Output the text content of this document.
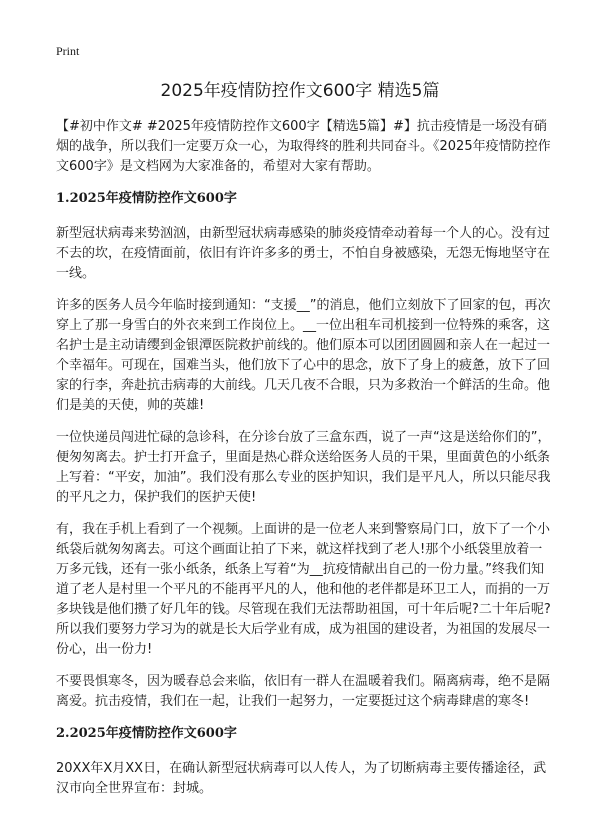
Print
2025年疫情防控作文600字 精选5篇

【#初中作文# #2025年疫情防控作文600字【精选5篇】#】抗击疫情是一场没有硝烟的战争，所以我们一定要万众一心，为取得终的胜利共同奋斗。《2025年疫情防控作文600字》是文档网为大家准备的，希望对大家有帮助。

1.2025年疫情防控作文600字

新型冠状病毒来势汹汹，由新型冠状病毒感染的肺炎疫情牵动着每一个人的心。没有过不去的坎，在疫情面前，依旧有许许多多的勇士，不怕自身被感染，无怨无悔地坚守在一线。

许多的医务人员今年临时接到通知：“支援__”的消息，他们立刻放下了回家的包，再次穿上了那一身雪白的外衣来到工作岗位上。__一位出租车司机接到一位特殊的乘客，这名护士是主动请缨到金银潭医院救护前线的。他们原本可以团团圆圆和亲人在一起过一个幸福年。可现在，国难当头，他们放下了心中的思念，放下了身上的疲惫，放下了回家的行李，奔赴抗击病毒的大前线。几天几夜不合眼，只为多救治一个鲜活的生命。他们是美的天使，帅的英雄!

一位快递员闯进忙碌的急诊科，在分诊台放了三盒东西，说了一声“这是送给你们的”，便匆匆离去。护士打开盒子，里面是热心群众送给医务人员的干果，里面黄色的小纸条上写着：“平安，加油”。我们没有那么专业的医护知识，我们是平凡人，所以只能尽我的平凡之力，保护我们的医护天使!

有，我在手机上看到了一个视频。上面讲的是一位老人来到警察局门口，放下了一个小纸袋后就匆匆离去。可这个画面让拍了下来，就这样找到了老人!那个小纸袋里放着一万多元钱，还有一张小纸条，纸条上写着“为__抗疫情献出自己的一份力量。”终我们知道了老人是村里一个平凡的不能再平凡的人，他和他的老伴都是环卫工人，而捐的一万多块钱是他们攒了好几年的钱。尽管现在我们无法帮助祖国，可十年后呢?二十年后呢?所以我们要努力学习为的就是长大后学业有成，成为祖国的建设者，为祖国的发展尽一份心，出一份力!

不要畏惧寒冬，因为暖春总会来临，依旧有一群人在温暖着我们。隔离病毒，绝不是隔离爱。抗击疫情，我们在一起，让我们一起努力，一定要挺过这个病毒肆虐的寒冬!

2.2025年疫情防控作文600字

20XX年X月XX日，在确认新型冠状病毒可以人传人，为了切断病毒主要传播途径，武汉市向全世界宣布：封城。
